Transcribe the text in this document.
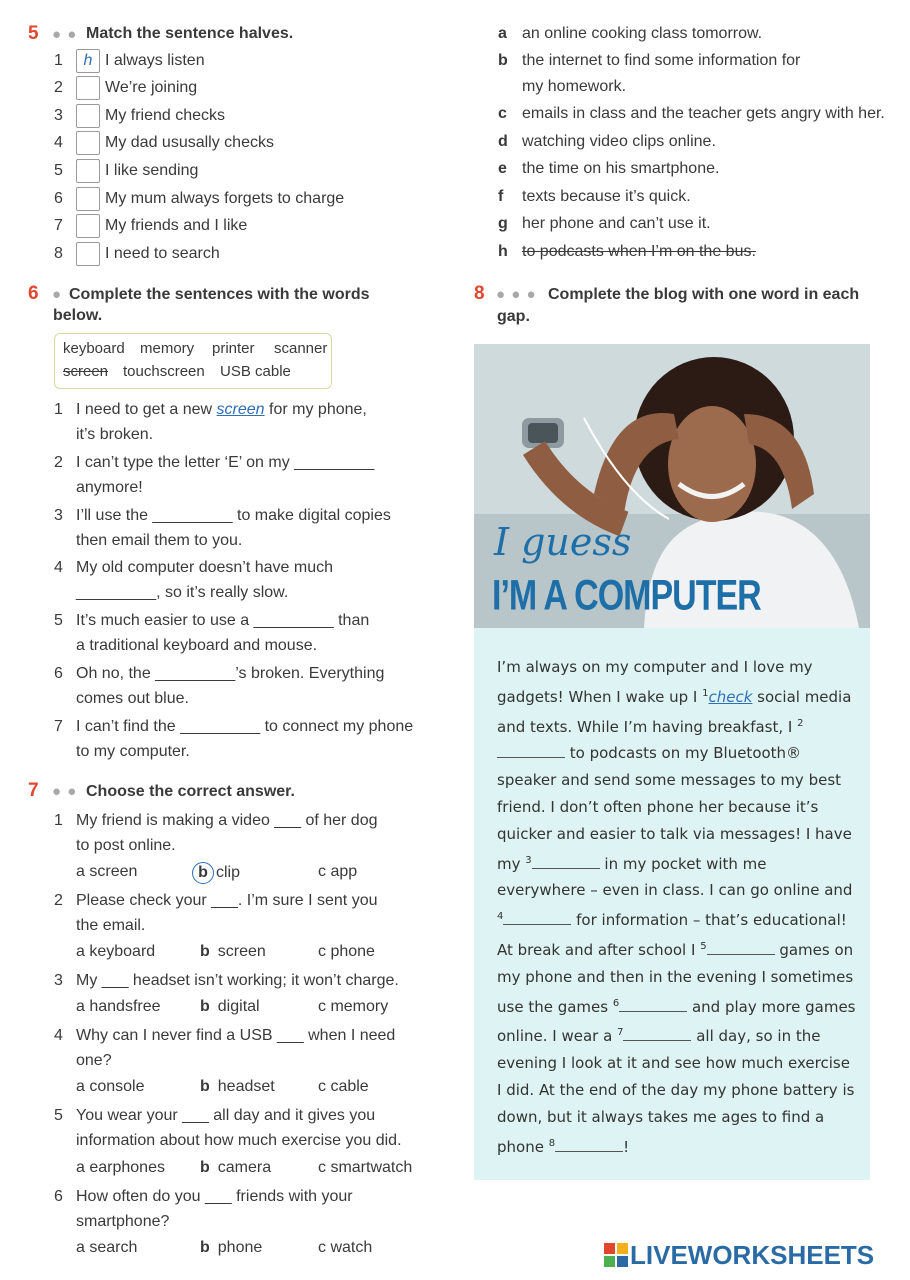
5 ● ● Match the sentence halves.
1	h I always listen
2	We’re joining
3	My friend checks
4	My dad ususally checks
5	I like sending
6	My mum always forgets to charge
7	My friends and I like
8	I need to search
a an online cooking class tomorrow.
b the internet to find some information for
my homework.
c emails in class and the teacher gets angry with her.
d watching video clips online.
e the time on his smartphone.
f texts because it’s quick.
g her phone and can’t use it.
h to podcasts when I’m on the bus.
6 ● Complete the sentences with the words
below.
keyboard memory printer scanner
screen touchscreen USB cable
1 I need to get a new screen for my phone,
it’s broken.
2 I can’t type the letter ‘E’ on my _________
anymore!
3 I’ll use the _________ to make digital copies
then email them to you.
4 My old computer doesn’t have much
_________, so it’s really slow.
5 It’s much easier to use a _________ than
a traditional keyboard and mouse.
6 Oh no, the _________’s broken. Everything
comes out blue.
7 I can’t find the _________ to connect my phone
to my computer.
7 ● ● Choose the correct answer.
1 My friend is making a video ___ of her dog
to post online.
a screen	b clip	c app
2 Please check your ___. I’m sure I sent you
the email.
a keyboard	b screen	c phone
3 My ___ headset isn’t working; it won’t charge.
a handsfree b digital	c memory
4 Why can I never find a USB ___ when I need
one?
a console	b headset	c cable
5 You wear your ___ all day and it gives you
information about how much exercise you did.
a earphones b camera	c smartwatch
6 How often do you ___ friends with your
smartphone?
a search	b phone	c watch
8 ● ● ● Complete the blog with one word in each
gap.
I guess
I’M A COMPUTER
I’m always on my computer and I love my gadgets! When I wake up I $^1$check social media and texts. While I’m having breakfast, I $^2$ to podcasts on my Bluetooth® speaker and send some messages to my best friend. I don’t often phone her because it’s quicker and easier to talk via messages! I have my $^3$	in my pocket with me everywhere – even in class. I can go online and $^4$	for information – that’s educational! At break and after school I $^5$	games on my phone and then in the evening I sometimes use the games $^6$	and play more games online. I wear a $^7$	all day, so in the evening I look at it and see how much exercise I did. At the end of the day my phone battery is down, but it always takes me ages to find a phone $^8$	!
LIVEWORKSHEETS
